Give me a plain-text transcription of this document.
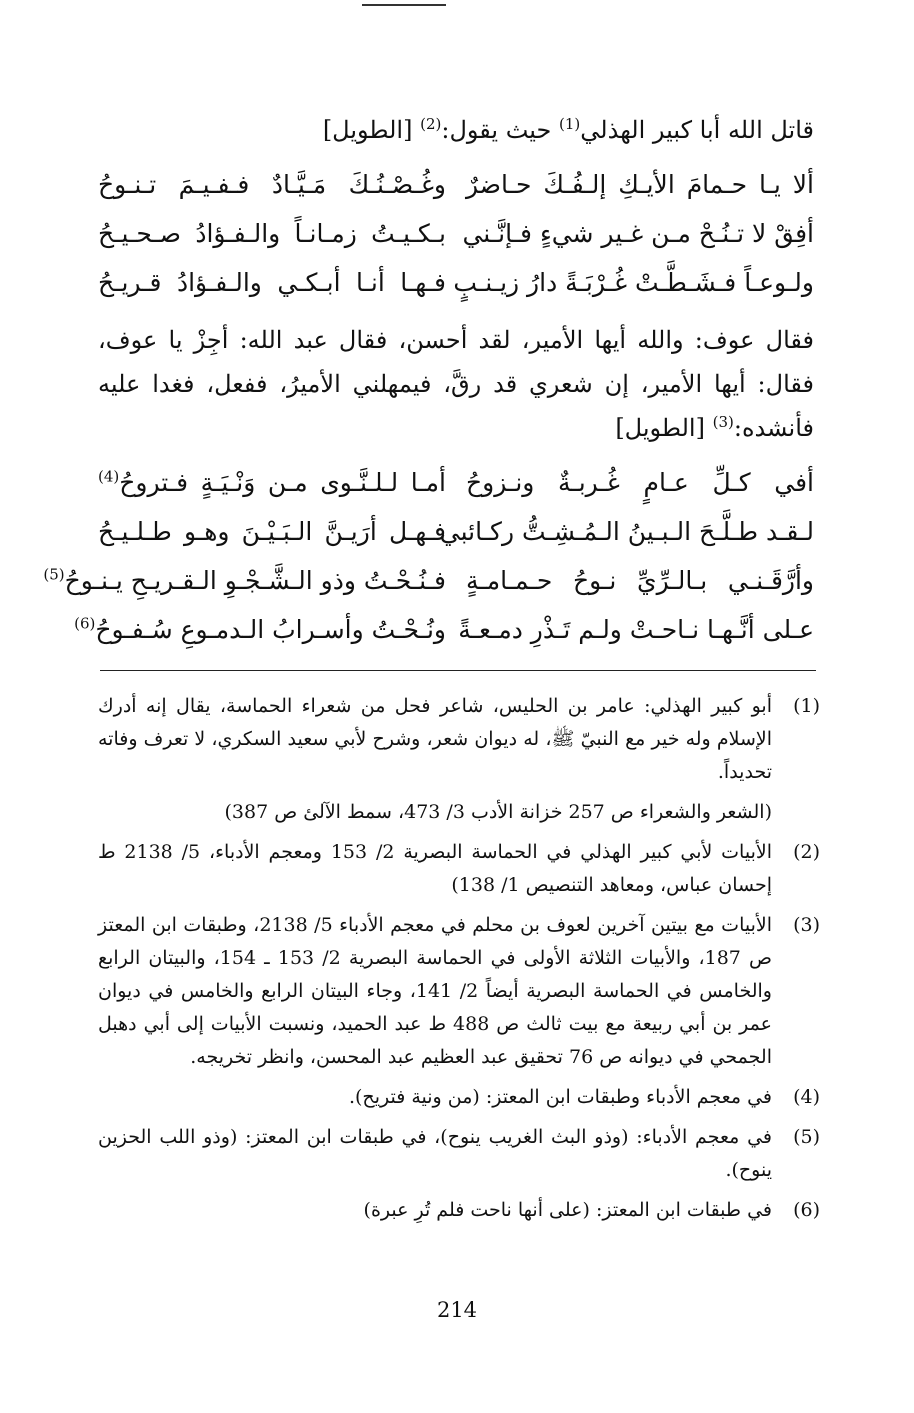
قاتل الله أبا كبير الهذلي$^{(1)}$ حيث يقول:$^{(2)}$ [الطويل]
ألا يـا حـمامَ الأيـكِ إلـفُـكَ حـاضرٌ
وغُـصْـنُـكَ مَـيَّـادٌ فـفـيـمَ تـنـوحُ
أفِقْ لا تـنُـحْ مـن غـير شيءٍ فـإنَّـني
بـكـيـتُ زمـانـاً والـفـؤادُ صـحـيـحُ
ولـوعـاً فـشَـطَّـتْ غُـرْبَـةً دارُ زيـنـبٍ
فـهـا أنـا أبـكـي والـفـؤادُ قـريـحُ
فقال عوف: والله أيها الأمير، لقد أحسن، فقال عبد الله: أجِزْ يا عوف، فقال: أيها الأمير، إن شعري قد رقَّ، فيمهلني الأميرُ، ففعل، فغدا عليه فأنشده:$^{(3)}$ [الطويل]
أفي كـلِّ عـامٍ غُـربـةٌ ونـزوحُ
أمـا لـلـنَّـوى مـن وَنْـيَـةٍ فـتروحُ$^{(4)}$
لـقـد طـلَّـحَ الـبـينُ الـمُـشِـتُّ ركـائبي
فـهـل أرَيـنَّ الـبَـيْـنَ وهـو طـلـيـحُ
وأرَّقَـنـي بـالـرِّيِّ نـوحُ حـمـامـةٍ
فـنُـحْـتُ وذو الـشَّـجْـوِ الـقـريـحِ يـنـوحُ$^{(5)}$
عـلى أنَّـهـا نـاحـتْ ولـم تَـذْرِ دمـعـةً
ونُـحْـتُ وأسـرابُ الـدمـوعِ سُـفـوحُ$^{(6)}$
(1)
أبو كبير الهذلي: عامر بن الحليس، شاعر فحل من شعراء الحماسة، يقال إنه أدرك الإسلام وله خير مع النبيّ ﷺ، له ديوان شعر، وشرح لأبي سعيد السكري، لا تعرف وفاته تحديداً.
(الشعر والشعراء ص 257 خزانة الأدب 3/ 473، سمط الآلئ ص 387)
(2)
الأبيات لأبي كبير الهذلي في الحماسة البصرية 2/ 153 ومعجم الأدباء، 5/ 2138 ط إحسان عباس، ومعاهد التنصيص 1/ 138)
(3)
الأبيات مع بيتين آخرين لعوف بن محلم في معجم الأدباء 5/ 2138، وطبقات ابن المعتز ص 187، والأبيات الثلاثة الأولى في الحماسة البصرية 2/ 153 ـ 154، والبيتان الرابع والخامس في الحماسة البصرية أيضاً 2/ 141، وجاء البيتان الرابع والخامس في ديوان عمر بن أبي ربيعة مع بيت ثالث ص 488 ط عبد الحميد، ونسبت الأبيات إلى أبي دهبل الجمحي في ديوانه ص 76 تحقيق عبد العظيم عبد المحسن، وانظر تخريجه.
(4)
في معجم الأدباء وطبقات ابن المعتز: (من ونية فتريح).
(5)
في معجم الأدباء: (وذو البث الغريب ينوح)، في طبقات ابن المعتز: (وذو اللب الحزين ينوح).
(6)
في طبقات ابن المعتز: (على أنها ناحت فلم تُرِ عبرة)
214
